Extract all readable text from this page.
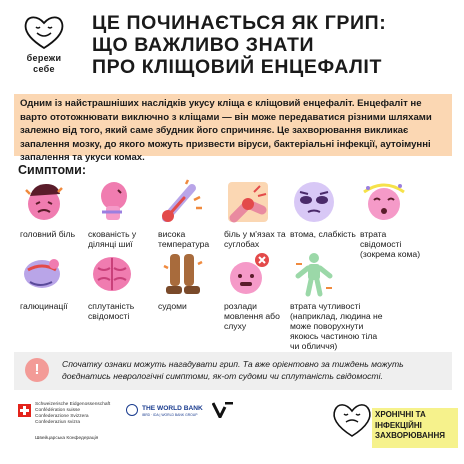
бережи
себе
ЦЕ ПОЧИНАЄТЬСЯ ЯК ГРИП:
ЩО ВАЖЛИВО ЗНАТИ
ПРО КЛІЩОВИЙ ЕНЦЕФАЛІТ
Одним із найстрашніших наслідків укусу кліща є кліщовий енцефаліт. Енцефаліт не варто ототожнювати виключно з кліщами — він може передаватися різними шляхами залежно від того, який саме збудник його спричиняє. Це захворювання викликає запалення мозку, до якого можуть призвести віруси, бактеріальні інфекції, аутоімунні запалення та укуси комах.
Симптоми:
головний біль	скованість у ділянці шиї
висока температура
біль у м'язах та суглобах
втома, слабкість втрата свідомості (зокрема кома)
галюцинації	сплутаність свідомості
судоми	розлади мовлення або слуху
втрата чутливості (наприклад, людина не може поворухнути якоюсь частиною тіла чи обличчя)
!	Спочатку ознаки можуть нагадувати грип. Та вже орієнтовно за тиждень можуть доєднатись неврологічні симптоми, як-от судоми чи сплутаність свідомості.
Schweizerische Eidgenossenschaft
Confédération suisse
Confederazione Svizzera
Confederaziun svizra
Швейцарська Конфедерація
THE WORLD BANK
IBRD · IDA | WORLD BANK GROUP	ХРОНІЧНІ ТА ІНФЕКЦІЙНІ ЗАХВОРЮВАННЯ
